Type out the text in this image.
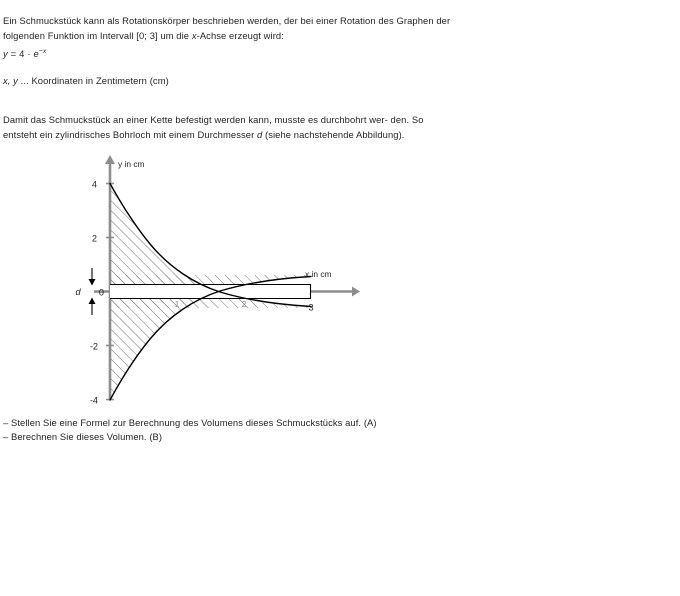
Ein Schmuckstück kann als Rotationskörper beschrieben werden, der bei einer Rotation des Graphen der folgenden Funktion im Intervall [0; 3] um die x-Achse erzeugt wird:

$y = 4 \cdot e^{-x}$
x, y ... Koordinaten in Zentimetern (cm)

Damit das Schmuckstück an einer Kette befestigt werden kann, musste es durchbohrt wer- den. So entsteht ein zylindrisches Bohrloch mit einem Durchmesser d (siehe nachstehende Abbildung).

4
2
-2
-4
0
1	2	3
y in cm
x in cm
d
– Stellen Sie eine Formel zur Berechnung des Volumens dieses Schmuckstücks auf. (A)
– Berechnen Sie dieses Volumen. (B)
